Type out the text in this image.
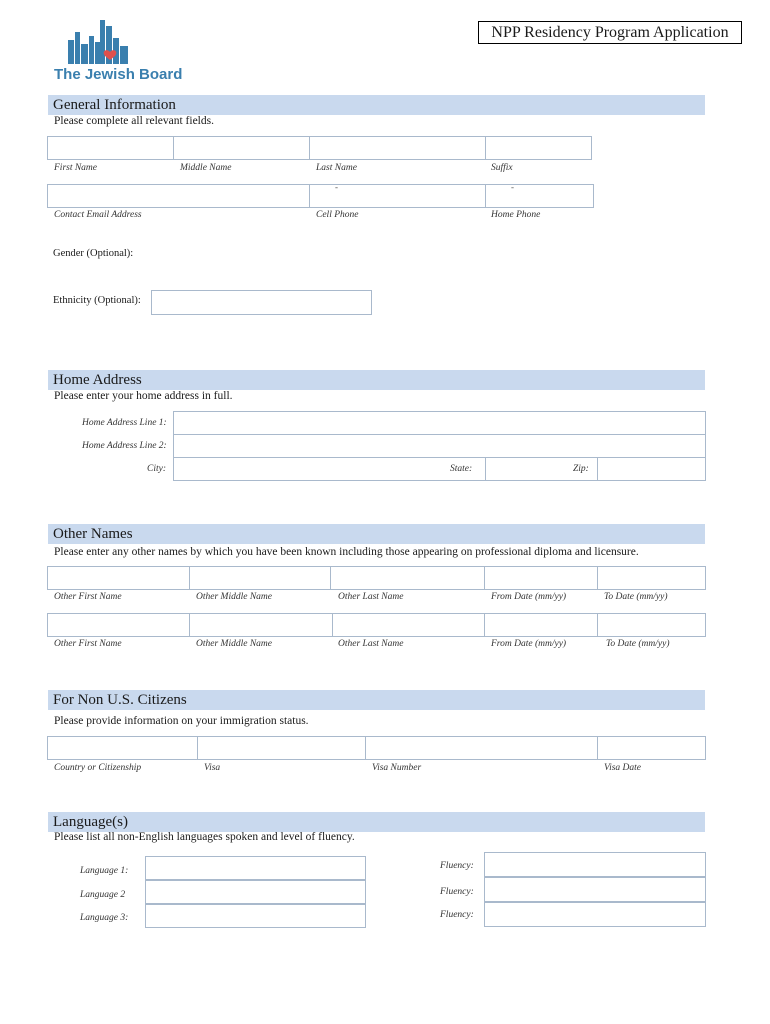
NPP Residency Program Application
The Jewish Board
General Information
Please complete all relevant fields.
First Name	Middle Name	Last Name	Suffix
-	-
Contact Email Address	Cell Phone	Home Phone
Gender (Optional):
Ethnicity (Optional):
Home Address
Please enter your home address in full.
Home Address Line 1:
Home Address Line 2:
City:	State:	Zip:
Other Names
Please enter any other names by which you have been known including those appearing on professional diploma and licensure.
Other First Name	Other Middle Name	Other Last Name	From Date (mm/yy)	To Date (mm/yy)
Other First Name	Other Middle Name	Other Last Name	From Date (mm/yy)	To Date (mm/yy)
For Non U.S. Citizens
Please provide information on your immigration status.
Country or Citizenship	Visa	Visa Number	Visa Date
Language(s)
Please list all non-English languages spoken and level of fluency.
Language 1:	Fluency:
Language 2	Fluency:
Language 3:	Fluency:
